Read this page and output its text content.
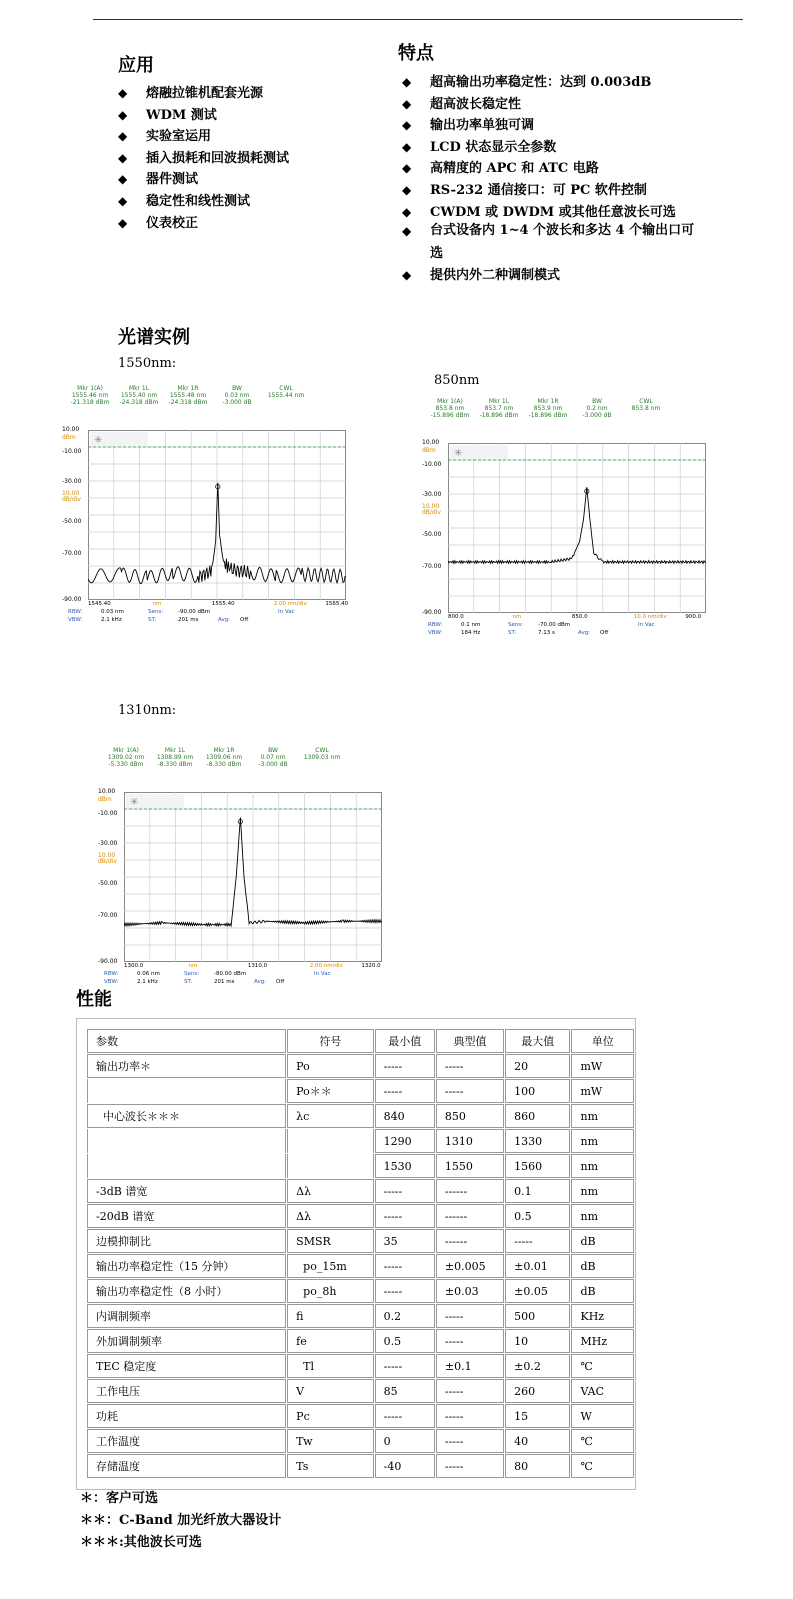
应用
◆ 熔融拉锥机配套光源
◆ WDM 测试
◆ 实验室运用
◆ 插入损耗和回波损耗测试
◆ 器件测试
◆ 稳定性和线性测试
◆ 仪表校正
特点
◆ 超高输出功率稳定性：达到 0.003dB
◆ 超高波长稳定性
◆ 输出功率单独可调
◆ LCD 状态显示全参数
◆ 高精度的 APC 和 ATC 电路
◆ RS-232 通信接口：可 PC 软件控制
◆ CWDM 或 DWDM 或其他任意波长可选
◆ 台式设备内 1~4 个波长和多达 4 个输出口可
选
◆ 提供内外二种调制模式
光谱实例
1550nm:
850nm
1310nm:
Mkr 1(A)
1555.46 nm
-21.318 dBm
Mkr 1L
1555.40 nm
-24.318 dBm
Mkr 1R
1555.48 nm
-24.318 dBm
BW
0.03 nm
-3.000 dB
CWL
1555.44 nm
10.00
dBm
-10.00
-30.00
10.00
dB/div
-50.00
-70.00
-90.00
✳
1545.40	nm	1555.40	2.00 nm/div	1565.40
RBW:	0.03 nm	Sens:	-90.00 dBm	In Vac
VBW:	2.1 kHz	ST:	201 ms	Avg: Off
Mkr 1(A)
853.8 nm
-15.896 dBm
Mkr 1L
853.7 nm
-18.896 dBm
Mkr 1R
853.9 nm
-18.896 dBm
BW
0.2 nm
-3.000 dB
CWL
853.8 nm
10.00
dBm
-10.00
-30.00
10.00
dB/div
-50.00
-70.00
-90.00
✳
800.0	nm	850.0	10.0 nm/div	900.0
RBW:	0.1 nm	Sens:	-70.00 dBm	In Vac
VBW:	184 Hz	ST:	7.13 s	Avg: Off
Mkr 1(A)
1309.02 nm
-5.330 dBm
Mkr 1L
1308.99 nm
-8.330 dBm
Mkr 1R
1309.06 nm
-8.330 dBm
BW
0.07 nm
-3.000 dB
CWL
1309.03 nm
10.00
dBm
-10.00
-30.00
10.00
dB/div
-50.00
-70.00
-90.00
✳
1300.0	nm	1310.0	2.00 nm/div	1320.0
RBW:	0.06 nm	Sens:	-80.00 dBm	In Vac
VBW:	2.1 kHz	ST:	201 ms	Avg: Off
性能
参数	符号	最小值	典型值	最大值	单位
输出功率＊	Po	-----	-----	20	mW
	Po＊＊	-----	-----	100	mW
中心波长＊＊＊	λc	840	850	860	nm
		1290	1310	1330	nm
		1530	1550	1560	nm
-3dB 谱宽	Δλ	-----	------	0.1	nm
-20dB 谱宽	Δλ	-----	------	0.5	nm
边模抑制比	SMSR	35	------	-----	dB
输出功率稳定性（15 分钟）	po_15m	-----	±0.005	±0.01	dB
输出功率稳定性（8 小时）	po_8h	-----	±0.03	±0.05	dB
内调制频率	fi	0.2	-----	500	KHz
外加调制频率	fe	0.5	-----	10	MHz
TEC 稳定度	Tl	-----	±0.1	±0.2	℃
工作电压	V	85	-----	260	VAC
功耗	Pc	-----	-----	15	W
工作温度	Tw	0	-----	40	℃
存储温度	Ts	-40	-----	80	℃
＊：客户可选
＊＊：C-Band 加光纤放大器设计
＊＊＊:其他波长可选
